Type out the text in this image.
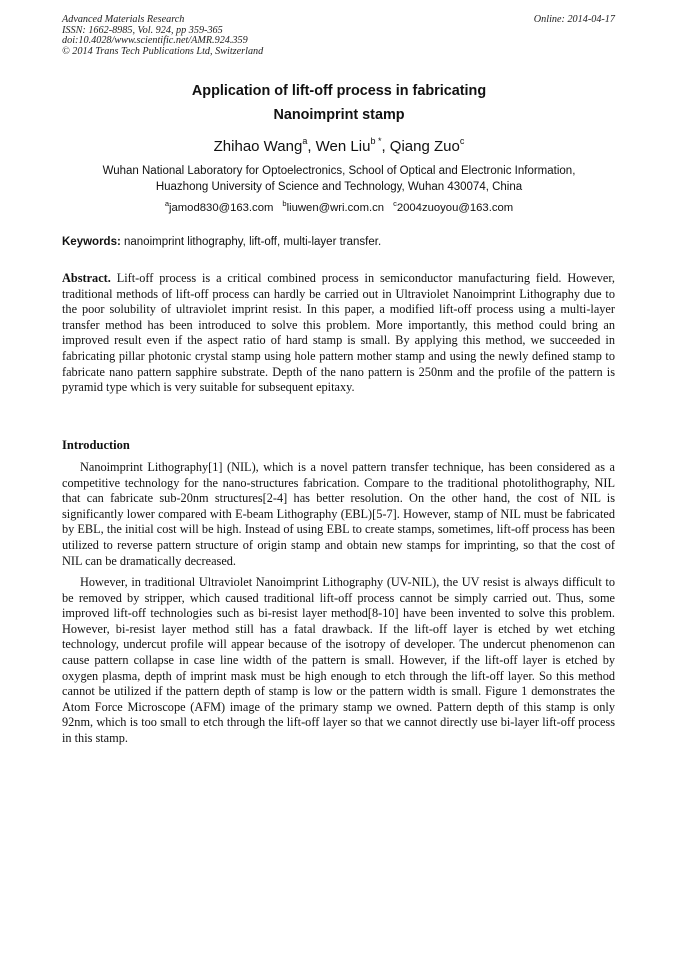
Advanced Materials Research
ISSN: 1662-8985, Vol. 924, pp 359-365
doi:10.4028/www.scientific.net/AMR.924.359
© 2014 Trans Tech Publications Ltd, Switzerland
Online: 2014-04-17
Application of lift-off process in fabricating
Nanoimprint stamp
Zhihao Wang$^a$, Wen Liu$^{b *}$, Qiang Zuo$^c$
Wuhan National Laboratory for Optoelectronics, School of Optical and Electronic Information,
Huazhong University of Science and Technology, Wuhan 430074, China
$^a$jamod830@163.com $^b$liuwen@wri.com.cn $^c$2004zuoyou@163.com
Keywords: nanoimprint lithography, lift-off, multi-layer transfer.
Abstract. Lift-off process is a critical combined process in semiconductor manufacturing field. However, traditional methods of lift-off process can hardly be carried out in Ultraviolet Nanoimprint Lithography due to the poor solubility of ultraviolet imprint resist. In this paper, a modified lift-off process using a multi-layer transfer method has been introduced to solve this problem. More importantly, this method could bring an improved result even if the aspect ratio of hard stamp is small. By applying this method, we succeeded in fabricating pillar photonic crystal stamp using hole pattern mother stamp and using the newly defined stamp to fabricate nano pattern sapphire substrate. Depth of the nano pattern is 250nm and the profile of the pattern is pyramid type which is very suitable for subsequent epitaxy.
Introduction
Nanoimprint Lithography[1] (NIL), which is a novel pattern transfer technique, has been considered as a competitive technology for the nano-structures fabrication. Compare to the traditional photolithography, NIL that can fabricate sub-20nm structures[2-4] has better resolution. On the other hand, the cost of NIL is significantly lower compared with E-beam Lithography (EBL)[5-7]. However, stamp of NIL must be fabricated by EBL, the initial cost will be high. Instead of using EBL to create stamps, sometimes, lift-off process has been utilized to reverse pattern structure of origin stamp and obtain new stamps for imprinting, so that the cost of NIL can be dramatically decreased.
However, in traditional Ultraviolet Nanoimprint Lithography (UV-NIL), the UV resist is always difficult to be removed by stripper, which caused traditional lift-off process cannot be simply carried out. Thus, some improved lift-off technologies such as bi-resist layer method[8-10] have been invented to solve this problem. However, bi-resist layer method still has a fatal drawback. If the lift-off layer is etched by wet etching technology, undercut profile will appear because of the isotropy of developer. The undercut phenomenon can cause pattern collapse in case line width of the pattern is small. However, if the lift-off layer is etched by oxygen plasma, depth of imprint mask must be high enough to etch through the lift-off layer. So this method cannot be utilized if the pattern depth of stamp is low or the pattern width is small. Figure 1 demonstrates the Atom Force Microscope (AFM) image of the primary stamp we owned. Pattern depth of this stamp is only 92nm, which is too small to etch through the lift-off layer so that we cannot directly use bi-layer lift-off process in this stamp.
